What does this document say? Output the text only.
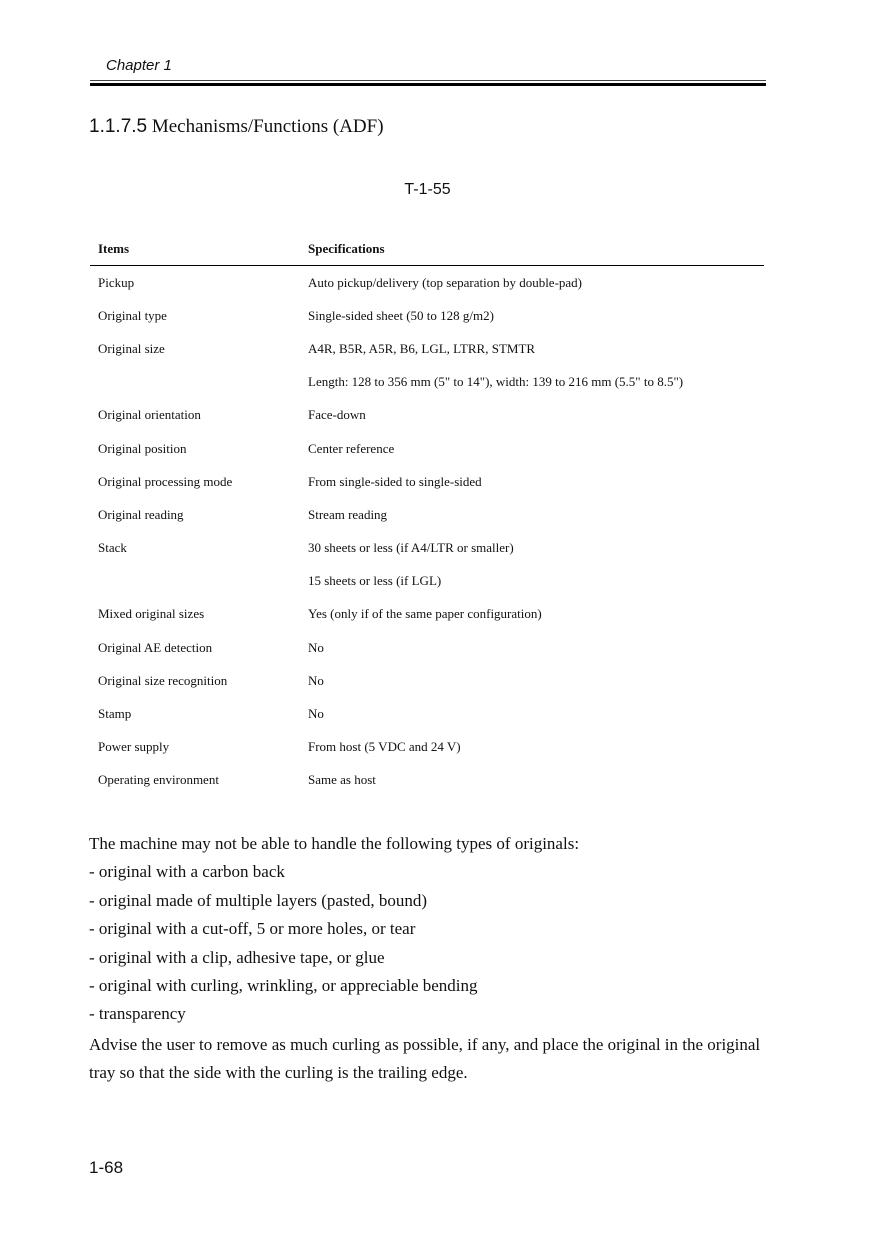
Chapter 1
1.1.7.5 Mechanisms/Functions (ADF)
T-1-55
Items	Specifications
Pickup	Auto pickup/delivery (top separation by double-pad)
Original type	Single-sided sheet (50 to 128 g/m2)
Original size	A4R, B5R, A5R, B6, LGL, LTRR, STMTR
	Length: 128 to 356 mm (5" to 14"), width: 139 to 216 mm (5.5" to 8.5")
Original orientation	Face-down
Original position	Center reference
Original processing mode	From single-sided to single-sided
Original reading	Stream reading
Stack	30 sheets or less (if A4/LTR or smaller)
	15 sheets or less (if LGL)
Mixed original sizes	Yes (only if of the same paper configuration)
Original AE detection	No
Original size recognition	No
Stamp	No
Power supply	From host (5 VDC and 24 V)
Operating environment	Same as host

The machine may not be able to handle the following types of originals:

- original with a carbon back

- original made of multiple layers (pasted, bound)

- original with a cut-off, 5 or more holes, or tear

- original with a clip, adhesive tape, or glue

- original with curling, wrinkling, or appreciable bending

- transparency

Advise the user to remove as much curling as possible, if any, and place the original in the original tray so that the side with the curling is the trailing edge.

1-68
